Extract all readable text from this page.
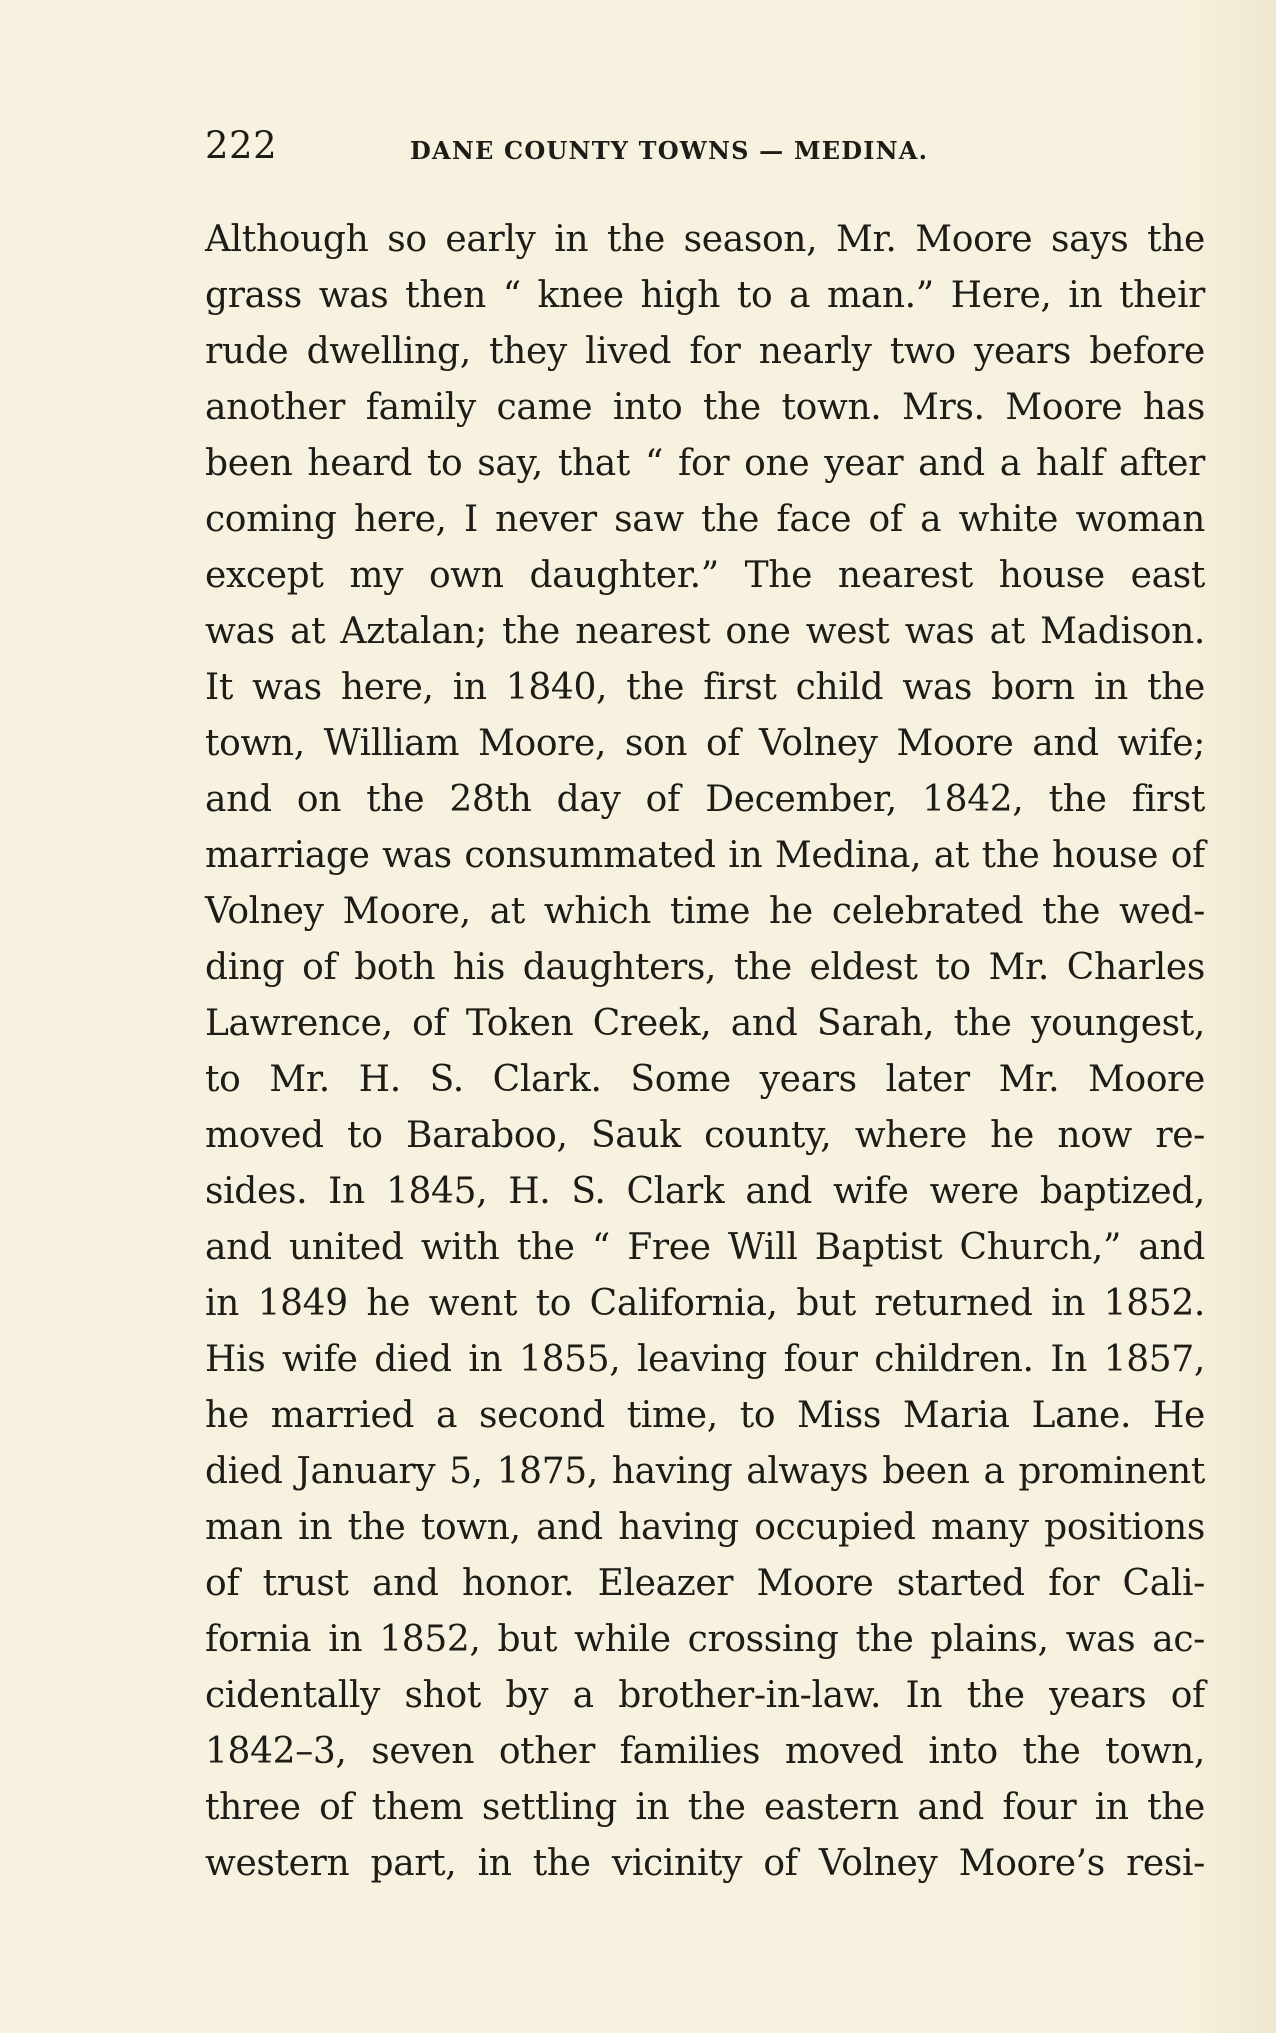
222	DANE COUNTY TOWNS — MEDINA.
Although so early in the season, Mr. Moore says the
grass was then “ knee high to a man.” Here, in their
rude dwelling, they lived for nearly two years before
another family came into the town. Mrs. Moore has
been heard to say, that “ for one year and a half after
coming here, I never saw the face of a white woman
except my own daughter.” The nearest house east
was at Aztalan; the nearest one west was at Madison.
It was here, in 1840, the first child was born in the
town, William Moore, son of Volney Moore and wife;
and on the 28th day of December, 1842, the first
marriage was consummated in Medina, at the house of
Volney Moore, at which time he celebrated the wed-
ding of both his daughters, the eldest to Mr. Charles
Lawrence, of Token Creek, and Sarah, the youngest,
to Mr. H. S. Clark. Some years later Mr. Moore
moved to Baraboo, Sauk county, where he now re-
sides. In 1845, H. S. Clark and wife were baptized,
and united with the “ Free Will Baptist Church,” and
in 1849 he went to California, but returned in 1852.
His wife died in 1855, leaving four children. In 1857,
he married a second time, to Miss Maria Lane. He
died January 5, 1875, having always been a prominent
man in the town, and having occupied many positions
of trust and honor. Eleazer Moore started for Cali-
fornia in 1852, but while crossing the plains, was ac-
cidentally shot by a brother-in-law. In the years of
1842–3, seven other families moved into the town,
three of them settling in the eastern and four in the
western part, in the vicinity of Volney Moore’s resi-
